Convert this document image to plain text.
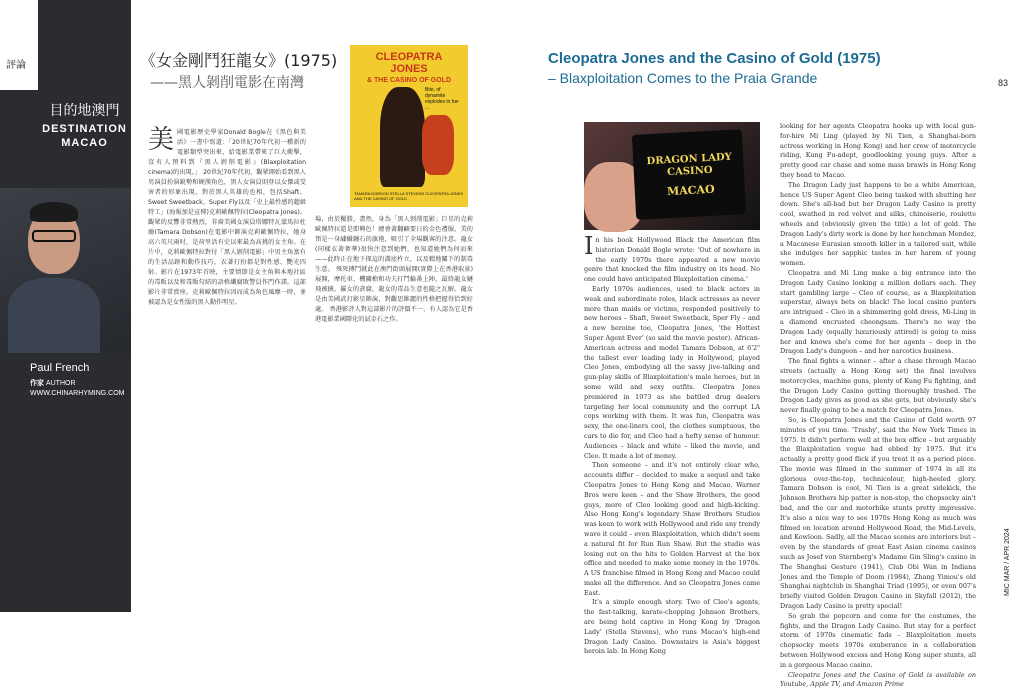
評論
目的地澳門
DESTINATION
MACAO
Paul French
作家 AUTHOR
WWW.CHINARHYMING.COM
《女金剛鬥狂龍女》(1975)
——黑人剝削電影在南灣
CLEOPATRA JONES
& THE CASINO OF GOLD
Bite, of dynamite explodes in her ...
TAMARA DOBSON STELLA STEVENS CLEOPATRA JONES AND THE CASINO OF GOLD
美國電影歷史學家Donald Bogle在《黑色與美活》一書中寫道：「20世紀70年代初一種新的電影類型突出來，給電影業帶來了巨大衝擊，沒有人預料到『黑人剝削電影』(Blaxploitation cinema)的出現。」 20世紀70年代初，觀眾開始看到黑人男演員扮演銳勢和硬漢角色，黑人女演員則登以女傑或受害者的形象出現，對於黑人英雄的也相，包括Shaft、Sweet Sweetback、Super Fly以及「史上最性感的超級特工」(海報加是宣傳)克莉歐佩特拉(Cleopatra Jones)。觀眾的反響非常熱烈，非裔美國女演員塔娜特瓦蒙馬拉杜爾(Tamara Dobson)在電影中飾演克莉歐佩特拉，她身高六英尺兩吋，是荷里活有史以來最為高挑的女主角。在片中，克莉歐佩特拉對付「黑人剝削電影」中男主角富有的生活品跡和動作技巧，衣著打扮都是對性感、艷光四射。影片在1973年首映，主要情節是女主角與本地社區的毒販以及和毒販勾結的語格纖腐敗警員作門作諾。這部影片非常賣座，克莉歐佩特拉因而成為角色風靡一時，並被認為是女性版的黑人動作明星。
場，由於獨勝，盡然，身為「黑人剝削電影」巨星的克莉歐佩特拉還是即興色！總會著翻顧要日的金色禮服，美的領是一身繡攝纏石的旗袍，吸引了全場觀客的注意。龍女(同樣衣著奢華)很快注意到她們，也知道她們為何而來——此時正在地下探這的溝底杵立，以及精地關下的制毒生意。 殊死搏鬥就此在澳門街頭展開(實際上在香港取景)展開，摩托車、機關槍和功夫打鬥輪番上陣，最終龍女鏈飛被擒，羅女的貪腐，龍女的毒品生意也隨之瓦解。龍女是由美國武打影星飾演，對觀思維麗的性格把握得恰到好處。 香港影評人對這部影片的評價不一，有人認為它是香港電影業國際化的試金石之作。
83
MIC MAR / APR 2024
Cleopatra Jones and the Casino of Gold (1975)
– Blaxploitation Comes to the Praia Grande
DRAGON LADY CASINO
MACAO

In his book Hollywood Black the American film historian Donald Bogle wrote: 'Out of nowhere in the early 1970s there appeared a new movie genre that knocked the film industry on its head. No one could have anticipated Blaxploitation cinema.'

Early 1970s audiences, used to black actors in weak and subordinate roles, black actresses as never more than maids or victims, responded positively to new heroes – Shaft, Sweet Sweetback, Sper Fly – and a new heroine too, Cleopatra Jones, 'the Hottest Super Agent Ever' (so said the movie poster). African-American actress and model Tamara Dobson, at 6'2" the tallest ever leading lady in Hollywood, played Cleo Jones, embodying all the sassy jive-talking and gun-play skills of Blaxploitation's male heroes, but in some wild and sexy outfits. Cleopatra Jones premiered in 1973 as she battled drug dealers targeting her local community and the corrupt LA cops working with them. It was fun, Cleopatra was sexy, the one-liners cool, the clothes sumptuous, the cars to die for, and Cleo had a hefty sense of humour. Audiences – black and white – liked the movie, and Cleo. It made a lot of money.

Then someone – and it's not entirely clear who, accounts differ – decided to make a sequel and take Cleopatra Jones to Hong Kong and Macao. Warner Bros were keen – and the Shaw Brothers, the good guys, more of Cleo looking good and high-kicking. Also Hong Kong's legendary Shaw Brothers Studios was keen to work with Hollywood and ride any trendy wave it could – even Blaxploitation, which didn't seem a natural fit for Run Run Shaw. But the studio was losing out on the hits to Golden Harvest at the box office and needed to make some money in the 1970s. A US franchise filmed in Hong Kong and Macao could make all the difference. And so Cleopatra Jones came East.

It's a simple enough story. Two of Cleo's agents, the fast-talking, karate-chopping Johnson Brothers, are being held captive in Hong Kong by 'Dragon Lady' (Stella Stevens), who runs Macao's high-end Dragon Lady Casino. Downstairs is Asia's biggest heroin lab. In Hong Kong

looking for her agents Cleopatra hooks up with local gun-for-hire Mi Ling (played by Ni Tien, a Shanghai-born actress working in Hong Kong) and her crew of motorcycle riding, Kung Fu-adept, goodlooking young guys. After a pretty good car chase and some mass brawls in Hong Kong they head to Macao.

The Dragon Lady just happens to be a white American, hence US Super Agent Cleo being tasked with shutting her down. She's all-bad but her Dragon Lady Casino is pretty cool, swathed in red velvet and silks, chinoiserie, roulette wheels and (obviously given the title) a lot of gold. The Dragon Lady's dirty work is done by her henchman Mendez, a Macanese Eurasian smooth killer in a tailored suit, while she indulges her sapphic tastes in her harem of young women.

Cleopatra and Mi Ling make a big entrance into the Dragon Lady Casino looking a million dollars each. They start gambling large – Cleo of course, as a Blaxploitation superstar, always bets on black! The local casino punters are intrigued – Cleo in a shimmering gold dress, Mi-Ling in a diamond encrusted cheongsam. There's no way the Dragon Lady (equally luxuriously attired) is going to miss her and knows she's come for her agents – deep in the Dragon Lady's dungeon – and her narcotics business.

The final fights a winner – after a chase through Macao streets (actually a Hong Kong set) the final involves motorcycles, machine guns, plenty of Kung Fu fighting, and the Dragon Lady Casino getting thoroughly trashed. The Dragon Lady gives as good as she gets, but obviously she's never finally going to be a match for Cleopatra Jones.

So, is Cleopatra Jones and the Casino of Gold worth 97 minutes of you time. 'Trashy', said the New York Times in 1975. It didn't perform well at the box office – but arguably the Blaxploitation vogue had ebbed by 1975. But it's actually a pretty good flick if you treat it as a period piece. The movie was filmed in the summer of 1974 in all its glorious over-the-top, technicolour, high-heeled glory. Tamara Dobson is cool, Ni Tien is a great sidekick, the Johnson Brothers hip patter is non-stop, the chopsocky ain't bad, and the car and motorbike stunts pretty impressive. It's also a nice way to see 1970s Hong Kong as much was filmed on location around Hollywood Road, the Mid-Levels, and Kowloon. Sadly, all the Macao scenes are interiors but – even by the standards of great East Asian cinema casinos such as Josef von Sternberg's Madame Gin Sling's casino in The Shanghai Gesture (1941), Club Obi Wan in Indiana Jones and the Temple of Doom (1984), Zhang Yimou's old Shanghai nightclub in Shanghai Triad (1995), or even 007's briefly visited Golden Dragon Casino in Skyfall (2012), the Dragon Lady Casino is pretty special!

So grab the popcorn and come for the costumes, the fights, and the Dragon Lady Casino. But stay for a perfect storm of 1970s cinematic fads – Blaxploitation meets chopsocky meets 1970s exuberance in a collaboration between Hollywood excess and Hong Kong super stunts, all in a gorgeous Macao casino.

Cleopatra Jones and the Casino of Gold is available on Youtube, Apple TV, and Amazon Prime
